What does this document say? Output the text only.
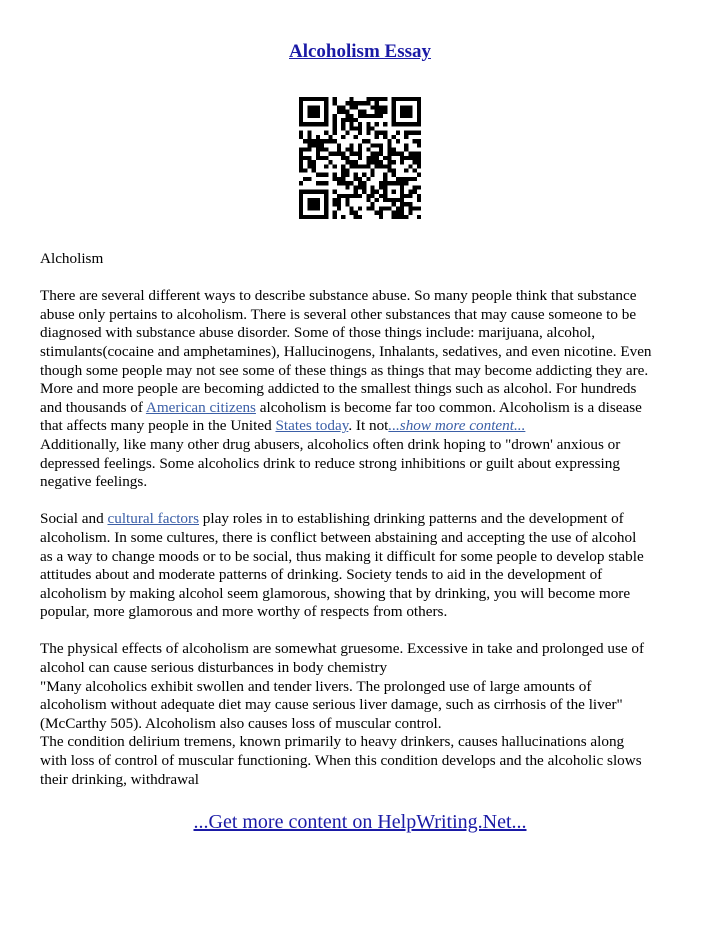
Alcoholism Essay

Alcholism

There are several different ways to describe substance abuse. So many people think that substance
abuse only pertains to alcoholism. There is several other substances that may cause someone to be
diagnosed with substance abuse disorder. Some of those things include: marijuana, alcohol,
stimulants(cocaine and amphetamines), Hallucinogens, Inhalants, sedatives, and even nicotine. Even
though some people may not see some of these things as things that may become addicting they are.
More and more people are becoming addicted to the smallest things such as alcohol. For hundreds
and thousands of American citizens alcoholism is become far too common. Alcoholism is a disease
that affects many people in the United States today. It not...show more content...
Additionally, like many other drug abusers, alcoholics often drink hoping to "drown' anxious or
depressed feelings. Some alcoholics drink to reduce strong inhibitions or guilt about expressing
negative feelings.

Social and cultural factors play roles in to establishing drinking patterns and the development of
alcoholism. In some cultures, there is conflict between abstaining and accepting the use of alcohol
as a way to change moods or to be social, thus making it difficult for some people to develop stable
attitudes about and moderate patterns of drinking. Society tends to aid in the development of
alcoholism by making alcohol seem glamorous, showing that by drinking, you will become more
popular, more glamorous and more worthy of respects from others.

The physical effects of alcoholism are somewhat gruesome. Excessive in take and prolonged use of
alcohol can cause serious disturbances in body chemistry
"Many alcoholics exhibit swollen and tender livers. The prolonged use of large amounts of
alcoholism without adequate diet may cause serious liver damage, such as cirrhosis of the liver"
(McCarthy 505). Alcoholism also causes loss of muscular control.
The condition delirium tremens, known primarily to heavy drinkers, causes hallucinations along
with loss of control of muscular functioning. When this condition develops and the alcoholic slows
their drinking, withdrawal

...Get more content on HelpWriting.Net...
